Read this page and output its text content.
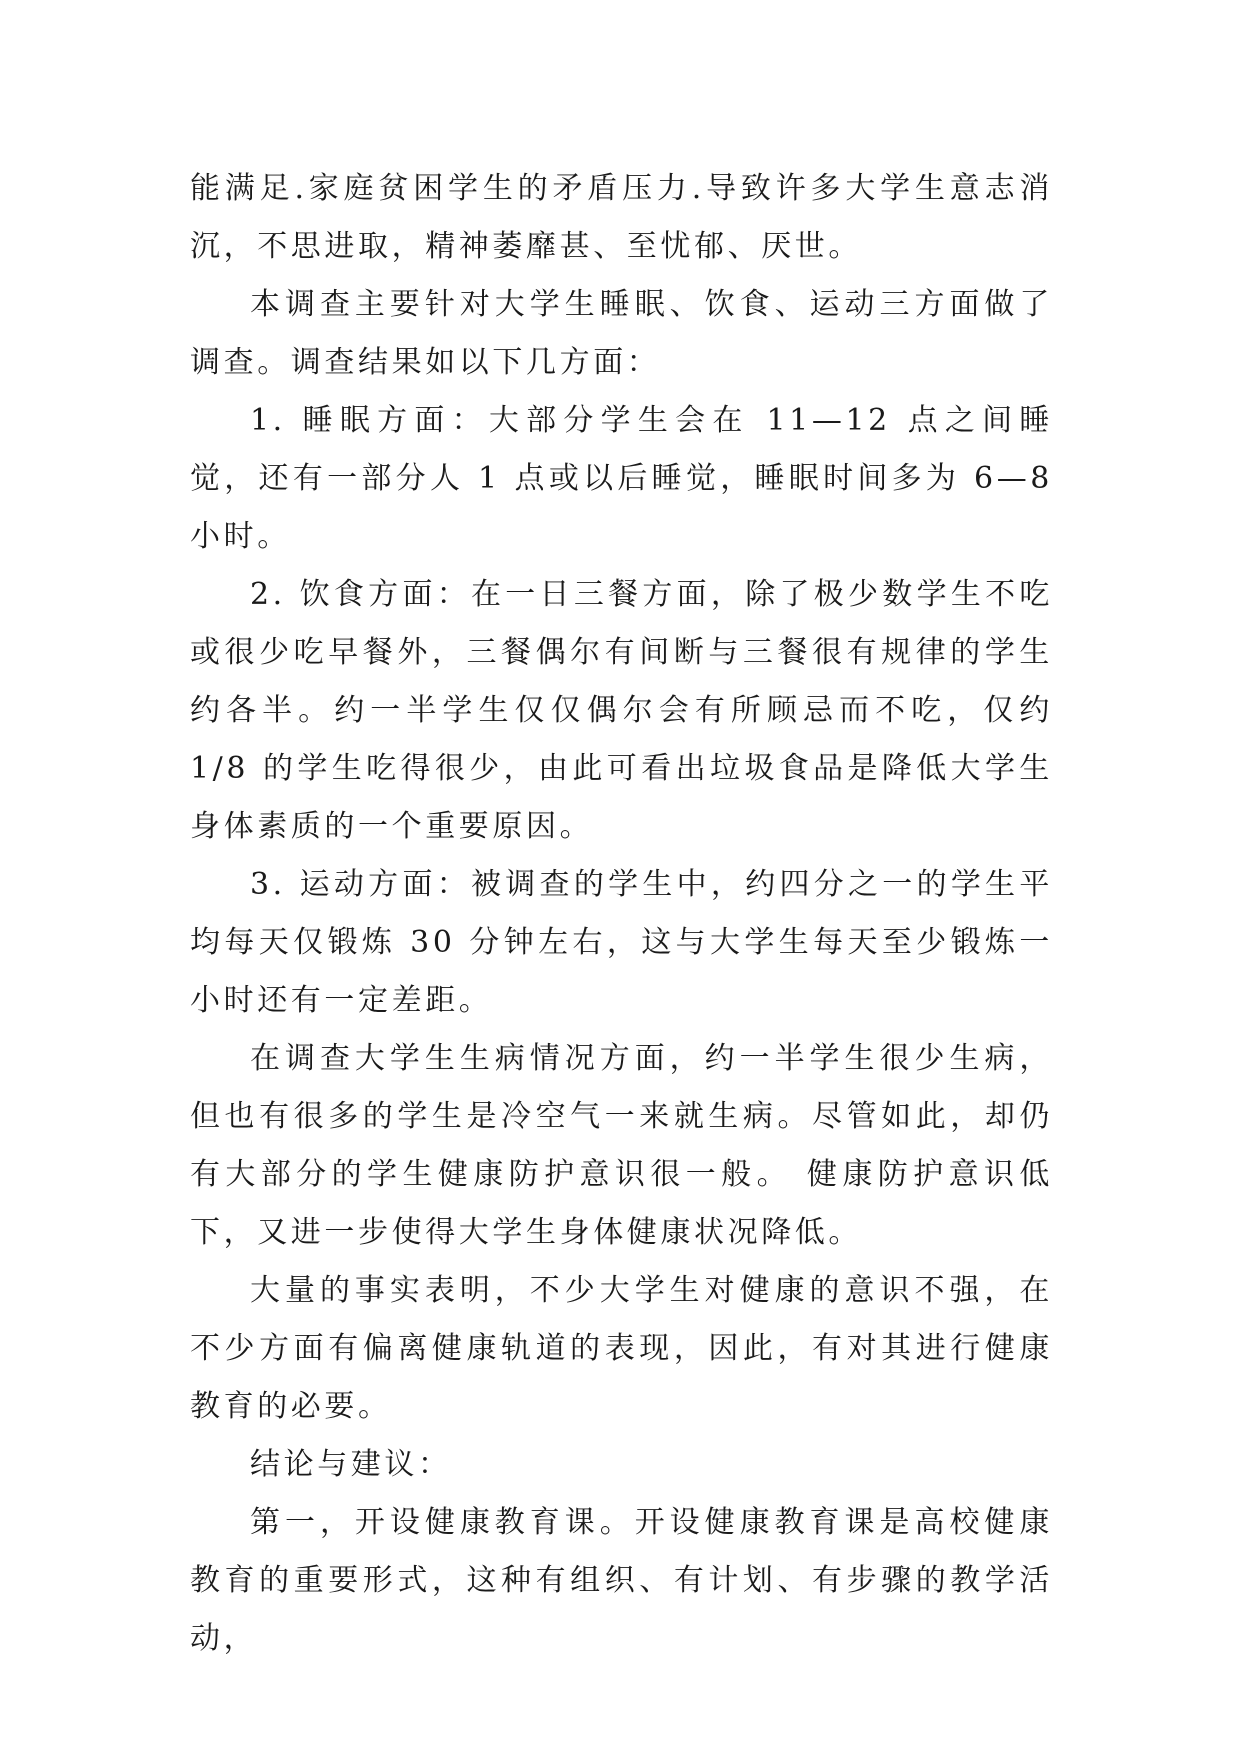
能满足.家庭贫困学生的矛盾压力.导致许多大学生意志消沉，不思进取，精神萎靡甚、至忧郁、厌世。

本调查主要针对大学生睡眠、饮食、运动三方面做了调查。调查结果如以下几方面：

1. 睡眠方面：大部分学生会在 11—12 点之间睡觉，还有一部分人 1 点或以后睡觉，睡眠时间多为 6—8 小时。

2. 饮食方面：在一日三餐方面，除了极少数学生不吃或很少吃早餐外，三餐偶尔有间断与三餐很有规律的学生约各半。约一半学生仅仅偶尔会有所顾忌而不吃，仅约 1/8 的学生吃得很少，由此可看出垃圾食品是降低大学生身体素质的一个重要原因。

3. 运动方面：被调查的学生中，约四分之一的学生平均每天仅锻炼 30 分钟左右，这与大学生每天至少锻炼一小时还有一定差距。

在调查大学生生病情况方面，约一半学生很少生病，但也有很多的学生是冷空气一来就生病。尽管如此，却仍有大部分的学生健康防护意识很一般。 健康防护意识低下，又进一步使得大学生身体健康状况降低。

大量的事实表明，不少大学生对健康的意识不强，在不少方面有偏离健康轨道的表现，因此，有对其进行健康教育的必要。

结论与建议：

第一，开设健康教育课。开设健康教育课是高校健康教育的重要形式，这种有组织、有计划、有步骤的教学活动，
